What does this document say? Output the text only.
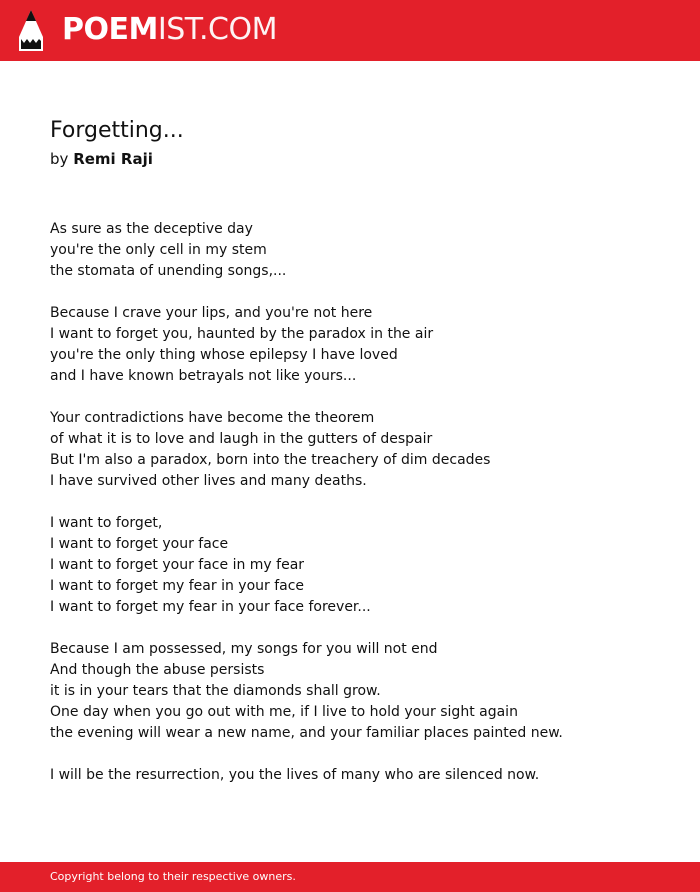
POEMIST.COM
Forgetting...
by Remi Raji
As sure as the deceptive day
you're the only cell in my stem
the stomata of unending songs,...
Because I crave your lips, and you're not here
I want to forget you, haunted by the paradox in the air
you're the only thing whose epilepsy I have loved
and I have known betrayals not like yours...
Your contradictions have become the theorem
of what it is to love and laugh in the gutters of despair
But I'm also a paradox, born into the treachery of dim decades
I have survived other lives and many deaths.
I want to forget,
I want to forget your face
I want to forget your face in my fear
I want to forget my fear in your face
I want to forget my fear in your face forever...
Because I am possessed, my songs for you will not end
And though the abuse persists
it is in your tears that the diamonds shall grow.
One day when you go out with me, if I live to hold your sight again
the evening will wear a new name, and your familiar places painted new.
I will be the resurrection, you the lives of many who are silenced now.
Copyright belong to their respective owners.
